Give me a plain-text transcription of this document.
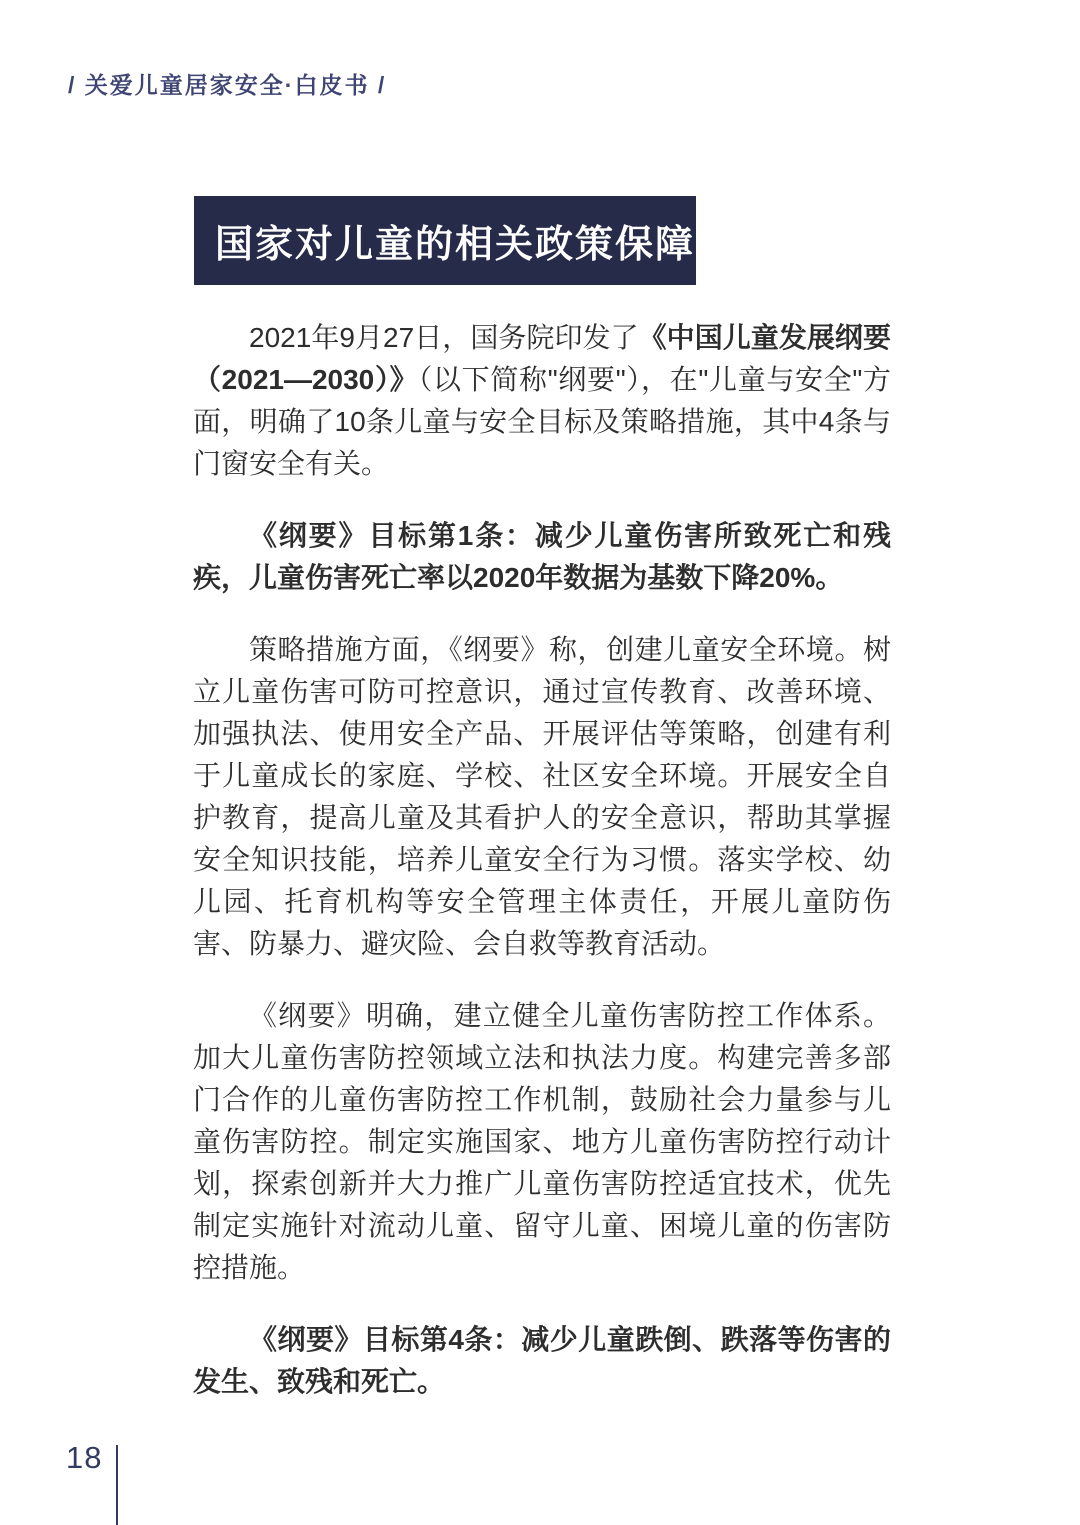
/ 关爱儿童居家安全·白皮书 /
国家对儿童的相关政策保障

2021年9月27日，国务院印发了《中国儿童发展纲要（2021—2030）》（以下简称"纲要"），在"儿童与安全"方面，明确了10条儿童与安全目标及策略措施，其中4条与门窗安全有关。

《纲要》目标第1条：减少儿童伤害所致死亡和残疾，儿童伤害死亡率以2020年数据为基数下降20%。

策略措施方面，《纲要》称，创建儿童安全环境。树立儿童伤害可防可控意识，通过宣传教育、改善环境、加强执法、使用安全产品、开展评估等策略，创建有利于儿童成长的家庭、学校、社区安全环境。开展安全自护教育，提高儿童及其看护人的安全意识，帮助其掌握安全知识技能，培养儿童安全行为习惯。落实学校、幼儿园、托育机构等安全管理主体责任，开展儿童防伤害、防暴力、避灾险、会自救等教育活动。

《纲要》明确，建立健全儿童伤害防控工作体系。加大儿童伤害防控领域立法和执法力度。构建完善多部门合作的儿童伤害防控工作机制，鼓励社会力量参与儿童伤害防控。制定实施国家、地方儿童伤害防控行动计划，探索创新并大力推广儿童伤害防控适宜技术，优先制定实施针对流动儿童、留守儿童、困境儿童的伤害防控措施。

《纲要》目标第4条：减少儿童跌倒、跌落等伤害的发生、致残和死亡。

18
